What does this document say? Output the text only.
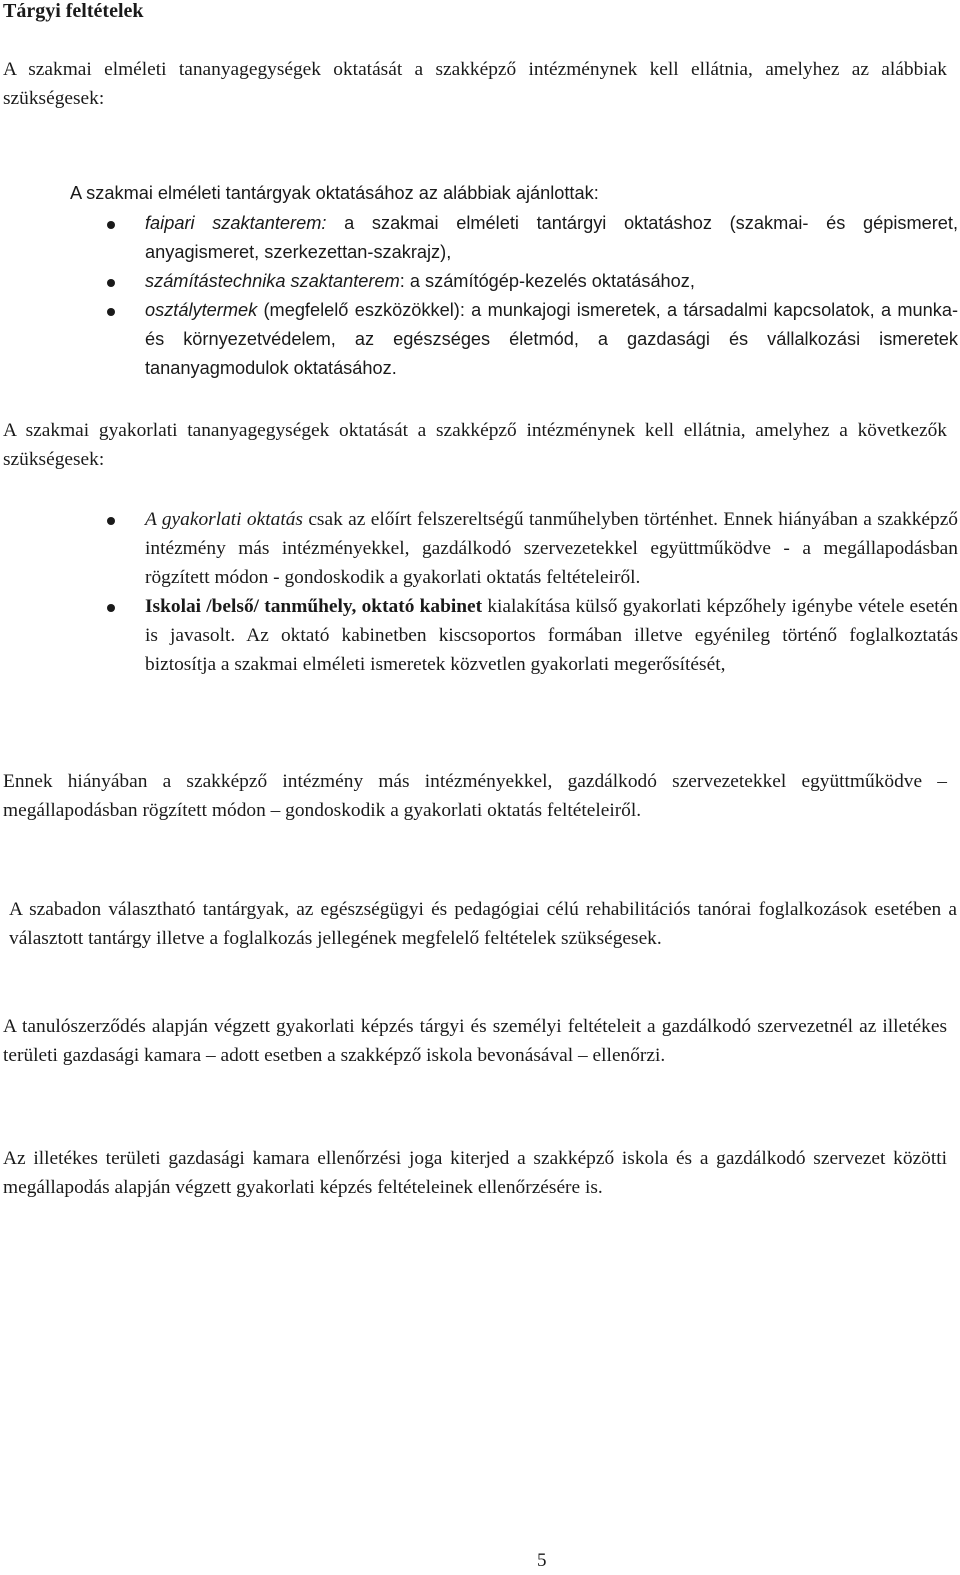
Tárgyi feltételek

A szakmai elméleti tananyagegységek oktatását a szakképző intézménynek kell ellátnia, amelyhez az alábbiak szükségesek:

A szakmai elméleti tantárgyak oktatásához az alábbiak ajánlottak:

faipari szaktanterem: a szakmai elméleti tantárgyi oktatáshoz (szakmai- és gépismeret, anyagismeret, szerkezettan-szakrajz),
számítástechnika szaktanterem: a számítógép-kezelés oktatásához,
osztálytermek (megfelelő eszközökkel): a munkajogi ismeretek, a társadalmi kapcsolatok, a munka- és környezetvédelem, az egészséges életmód, a gazdasági és vállalkozási ismeretek tananyagmodulok oktatásához.

A szakmai gyakorlati tananyagegységek oktatását a szakképző intézménynek kell ellátnia, amelyhez a következők szükségesek:

A gyakorlati oktatás csak az előírt felszereltségű tanműhelyben történhet. Ennek hiányában a szakképző intézmény más intézményekkel, gazdálkodó szervezetekkel együttműködve - a megállapodásban rögzített módon - gondoskodik a gyakorlati oktatás feltételeiről.
Iskolai /belső/ tanműhely, oktató kabinet kialakítása külső gyakorlati képzőhely igénybe vétele esetén is javasolt. Az oktató kabinetben kiscsoportos formában illetve egyénileg történő foglalkoztatás biztosítja a szakmai elméleti ismeretek közvetlen gyakorlati megerősítését,

Ennek hiányában a szakképző intézmény más intézményekkel, gazdálkodó szervezetekkel együttműködve – megállapodásban rögzített módon – gondoskodik a gyakorlati oktatás feltételeiről.

A szabadon választható tantárgyak, az egészségügyi és pedagógiai célú rehabilitációs tanórai foglalkozások esetében a választott tantárgy illetve a foglalkozás jellegének megfelelő feltételek szükségesek.

A tanulószerződés alapján végzett gyakorlati képzés tárgyi és személyi feltételeit a gazdálkodó szervezetnél az illetékes területi gazdasági kamara – adott esetben a szakképző iskola bevonásával – ellenőrzi.

Az illetékes területi gazdasági kamara ellenőrzési joga kiterjed a szakképző iskola és a gazdálkodó szervezet közötti megállapodás alapján végzett gyakorlati képzés feltételeinek ellenőrzésére is.

5
